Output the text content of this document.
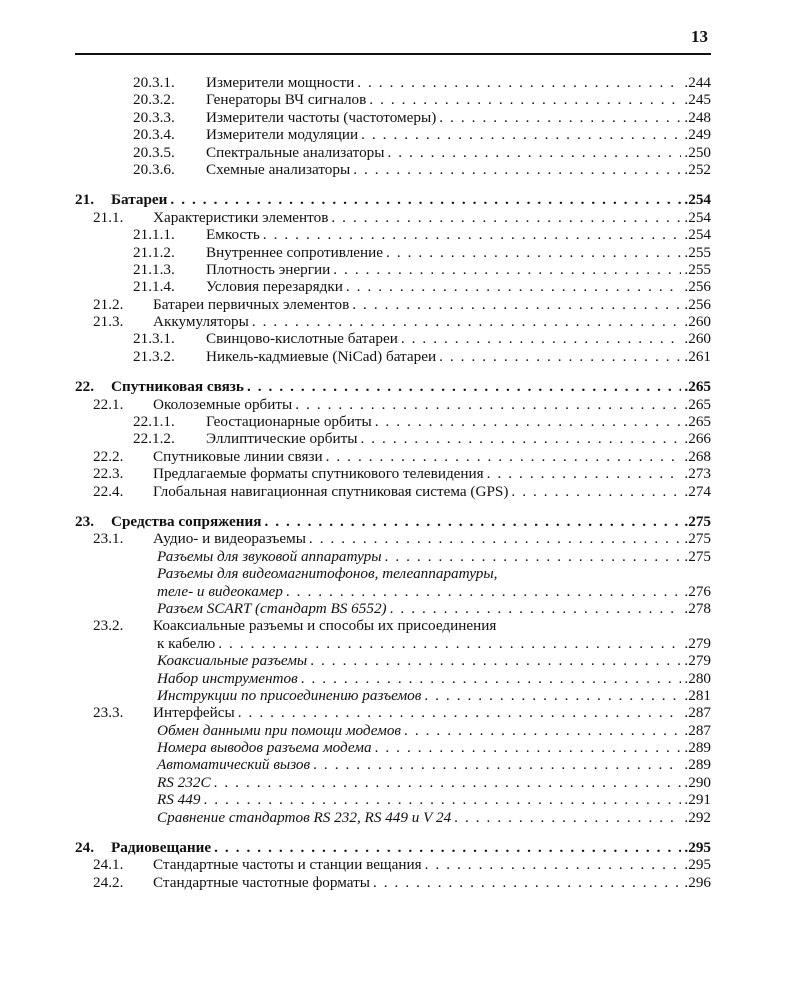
13
20.3.1.	Измерители мощности . . .	.244
20.3.2.	Генераторы ВЧ сигналов . . .	.245
20.3.3.	Измерители частоты (частотомеры) . . .	.248
20.3.4.	Измерители модуляции . . .	.249
20.3.5.	Спектральные анализаторы . . .	.250
20.3.6.	Схемные анализаторы . . .	.252
21.	Батареи . . .	.254
21.1.	Характеристики элементов . . .	.254
21.1.1.	Емкость . . .	.254
21.1.2.	Внутреннее сопротивление . . .	.255
21.1.3.	Плотность энергии . . .	.255
21.1.4.	Условия перезарядки . . .	.256
21.2.	Батареи первичных элементов . . .	.256
21.3.	Аккумуляторы . . .	.260
21.3.1.	Свинцово-кислотные батареи . . .	.260
21.3.2.	Никель-кадмиевые (NiCad) батареи . . .	.261
22.	Спутниковая связь . . .	.265
22.1.	Околоземные орбиты . . .	.265
22.1.1.	Геостационарные орбиты . . .	.265
22.1.2.	Эллиптические орбиты . . .	.266
22.2.	Спутниковые линии связи . . .	.268
22.3.	Предлагаемые форматы спутникового телевидения . . .	.273
22.4.	Глобальная навигационная спутниковая система (GPS) . . .	.274
23.	Средства сопряжения . . .	.275
23.1.	Аудио- и видеоразъемы . . .	.275
Разъемы для звуковой аппаратуры . . .	.275
Разъемы для видеомагнитофонов, телеаппаратуры,
теле- и видеокамер . . .	.276
Разъем SCART (стандарт BS 6552) . . .	.278
23.2.	Коаксиальные разъемы и способы их присоединения
к кабелю . . .	.279
Коаксиальные разъемы . . .	.279
Набор инструментов . . .	.280
Инструкции по присоединению разъемов . . .	.281
23.3.	Интерфейсы . . .	.287
Обмен данными при помощи модемов . . .	.287
Номера выводов разъема модема . . .	.289
Автоматический вызов . . .	.289
RS 232C . . .	.290
RS 449 . . .	.291
Сравнение стандартов RS 232, RS 449 и V 24 . . .	.292
24.	Радиовещание . . .	.295
24.1.	Стандартные частоты и станции вещания . . .	.295
24.2.	Стандартные частотные форматы . . .	.296
